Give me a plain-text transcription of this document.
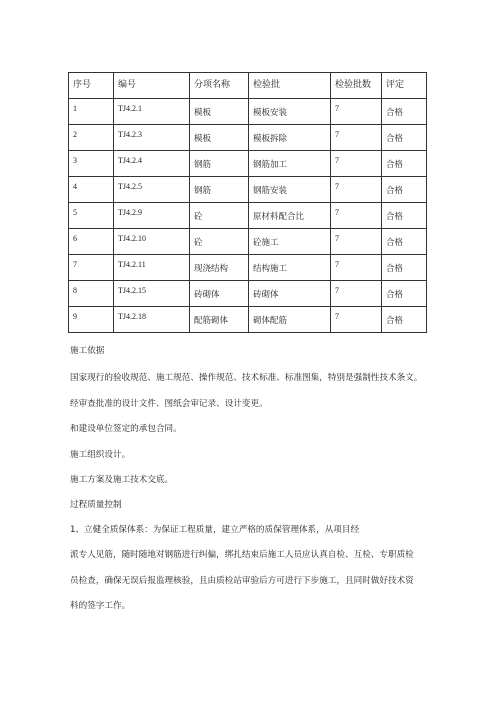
序号	编号	分项名称	检验批	检验批数	评定

1	TJ4.2.1	模板	模板安装	7	合格

2	TJ4.2.3	模板	模板拆除	7	合格

3	TJ4.2.4	钢筋	钢筋加工	7	合格

4	TJ4.2.5	钢筋	钢筋安装	7	合格

5	TJ4.2.9	砼	原材料配合比	7	合格

6	TJ4.2.10	砼	砼施工	7	合格

7	TJ4.2.11	现浇结构	结构施工	7	合格

8	TJ4.2.15	砖砌体	砖砌体	7	合格

9	TJ4.2.18	配筋砌体	砌体配筋	7	合格
施工依据
国家现行的验收规范、施工规范、操作规范、技术标准、标准图集，特别是强制性技术条文。
经审查批准的设计文件、图纸会审记录、设计变更。
和建设单位签定的承包合同。
施工组织设计。
施工方案及施工技术交底。
过程质量控制
1、立健全质保体系：为保证工程质量，建立严格的质保管理体系，从项目经
派专人见筋，随时随地对钢筋进行纠偏，绑扎结束后施工人员应认真自检、互检、专职质检
员检查，确保无误后报监理核验，且由质检站审验后方可进行下步施工，且同时做好技术资
料的签字工作。
